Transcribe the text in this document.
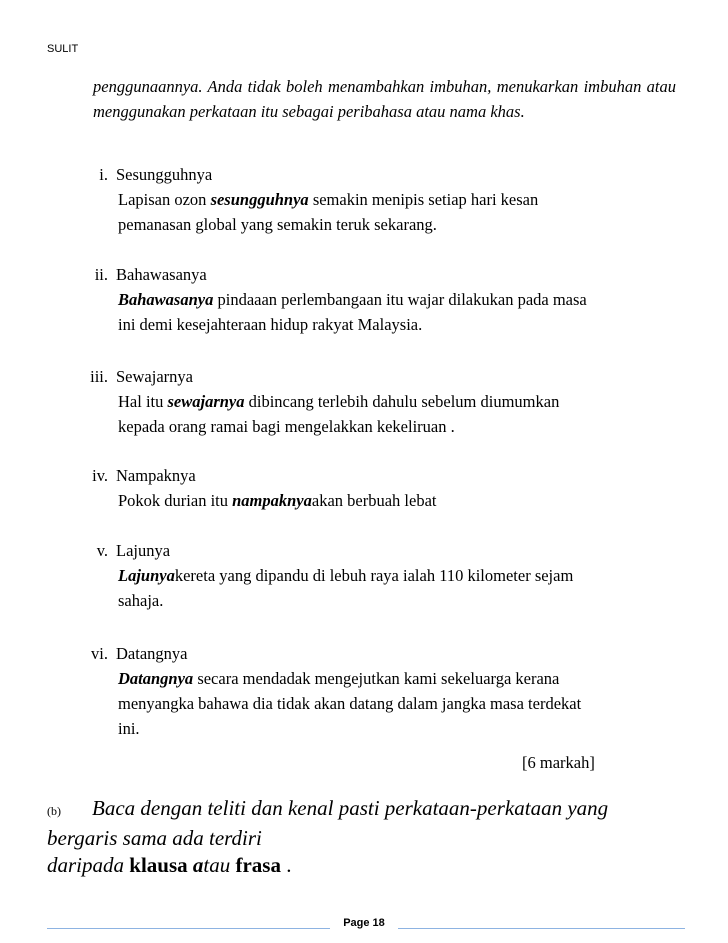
SULIT
penggunaannya. Anda tidak boleh menambahkan imbuhan, menukarkan imbuhan atau menggunakan perkataan itu sebagai peribahasa atau nama khas.
i. Sesungguhnya
Lapisan ozon sesungguhnya semakin menipis setiap hari kesan
pemanasan global yang semakin teruk sekarang.
ii. Bahawasanya
Bahawasanya pindaaan perlembangaan itu wajar dilakukan pada masa
ini demi kesejahteraan hidup rakyat Malaysia.
iii. Sewajarnya
Hal itu sewajarnya dibincang terlebih dahulu sebelum diumumkan
kepada orang ramai bagi mengelakkan kekeliruan .
iv. Nampaknya
Pokok durian itu nampaknyaakan berbuah lebat
v. Lajunya
Lajunyakereta yang dipandu di lebuh raya ialah 110 kilometer sejam
sahaja.
vi. Datangnya
Datangnya secara mendadak mengejutkan kami sekeluarga kerana
menyangka bahawa dia tidak akan datang dalam jangka masa terdekat
ini.
[6 markah]
(b) Baca dengan teliti dan kenal pasti perkataan-perkataan yang
bergaris sama ada terdiri
daripada klausa atau frasa .
Page 18
